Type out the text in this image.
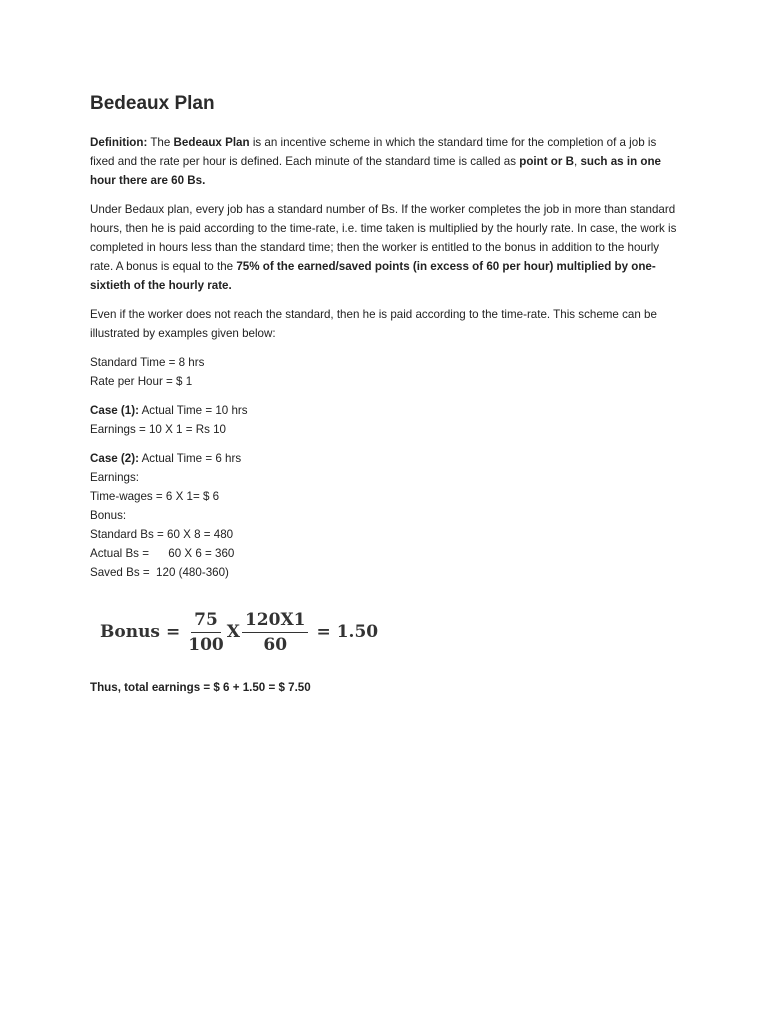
Bedeaux Plan

Definition: The Bedeaux Plan is an incentive scheme in which the standard time for the completion of a job is fixed and the rate per hour is defined. Each minute of the standard time is called as point or B, such as in one hour there are 60 Bs.

Under Bedaux plan, every job has a standard number of Bs. If the worker completes the job in more than standard hours, then he is paid according to the time-rate, i.e. time taken is multiplied by the hourly rate. In case, the work is completed in hours less than the standard time; then the worker is entitled to the bonus in addition to the hourly rate. A bonus is equal to the 75% of the earned/saved points (in excess of 60 per hour) multiplied by one-sixtieth of the hourly rate.

Even if the worker does not reach the standard, then he is paid according to the time-rate. This scheme can be illustrated by examples given below:

Standard Time = 8 hrs
Rate per Hour = $ 1

Case (1): Actual Time = 10 hrs
Earnings = 10 X 1 = Rs 10

Case (2): Actual Time = 6 hrs
Earnings:
Time-wages = 6 X 1= $ 6
Bonus:
Standard Bs = 60 X 8 = 480
Actual Bs =      60 X 6 = 360
Saved Bs =  120 (480-360)

Bonus = $\frac{75}{100}$ X $\frac{120X1}{60} = 1.50$

Thus, total earnings = $ 6 + 1.50 = $ 7.50
